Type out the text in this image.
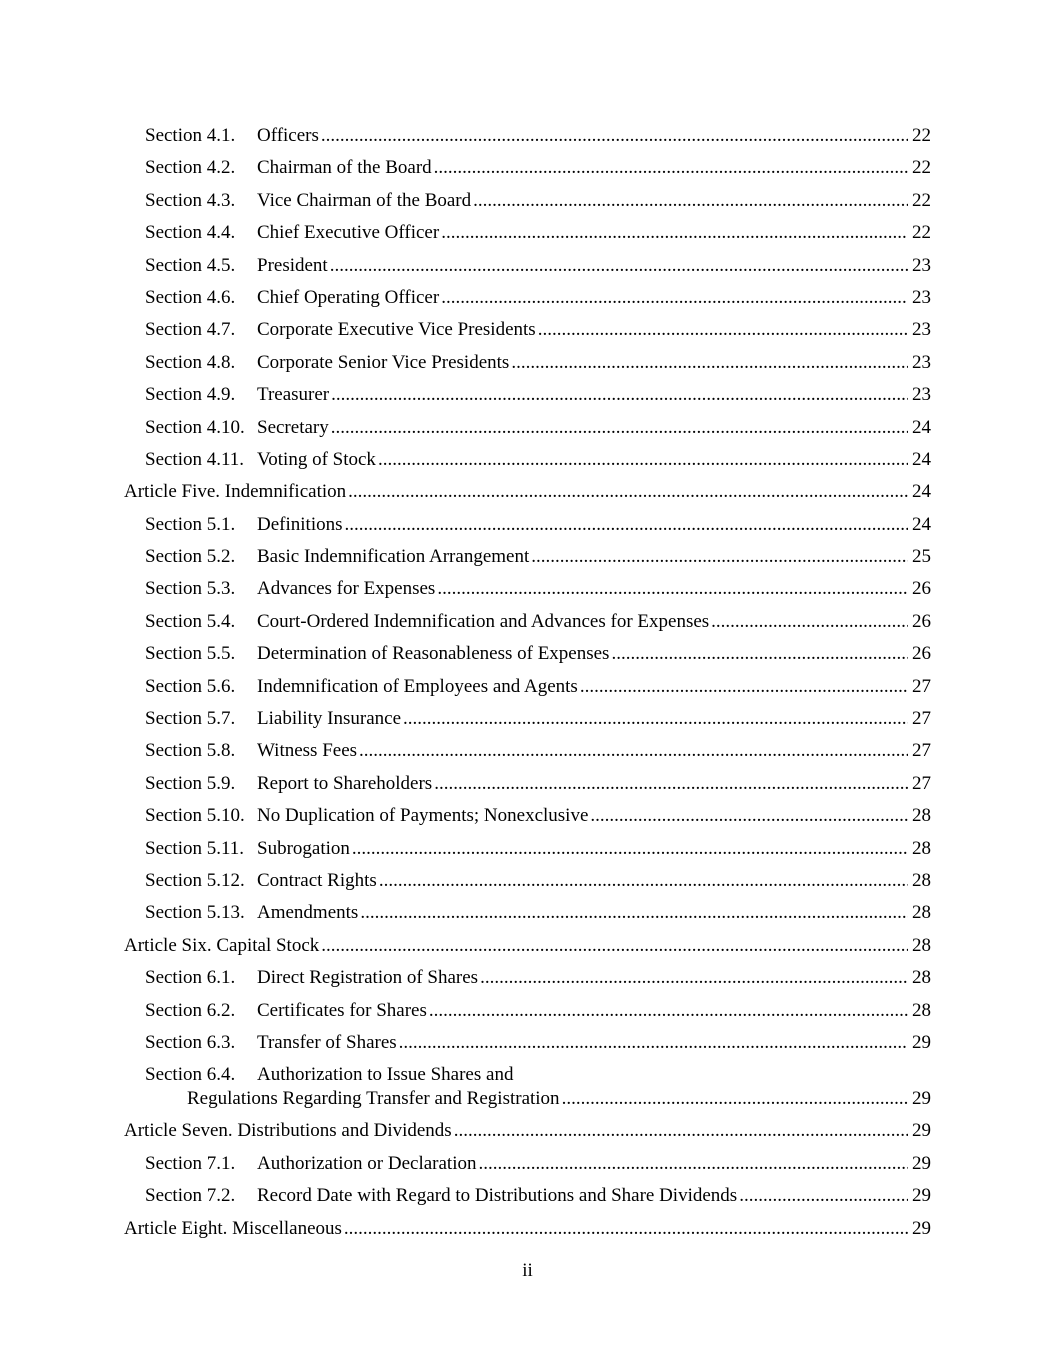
Section 4.1.	Officers .....	22
Section 4.2.	Chairman of the Board .....	22
Section 4.3.	Vice Chairman of the Board .....	22
Section 4.4.	Chief Executive Officer .....	22
Section 4.5.	President .....	23
Section 4.6.	Chief Operating Officer .....	23
Section 4.7.	Corporate Executive Vice Presidents .....	23
Section 4.8.	Corporate Senior Vice Presidents .....	23
Section 4.9.	Treasurer .....	23
Section 4.10. Secretary .....	24
Section 4.11. Voting of Stock .....	24
Article Five. Indemnification .....	24
Section 5.1.	Definitions .....	24
Section 5.2.	Basic Indemnification Arrangement .....	25
Section 5.3.	Advances for Expenses .....	26
Section 5.4.	Court-Ordered Indemnification and Advances for Expenses .....	26
Section 5.5.	Determination of Reasonableness of Expenses .....	26
Section 5.6.	Indemnification of Employees and Agents .....	27
Section 5.7.	Liability Insurance .....	27
Section 5.8.	Witness Fees .....	27
Section 5.9.	Report to Shareholders .....	27
Section 5.10. No Duplication of Payments; Nonexclusive .....	28
Section 5.11. Subrogation .....	28
Section 5.12. Contract Rights .....	28
Section 5.13. Amendments .....	28
Article Six. Capital Stock .....	28
Section 6.1.	Direct Registration of Shares .....	28
Section 6.2.	Certificates for Shares .....	28
Section 6.3.	Transfer of Shares .....	29
Section 6.4. Authorization to Issue Shares and
Regulations Regarding Transfer and Registration .....	29
Article Seven. Distributions and Dividends .....	29
Section 7.1.	Authorization or Declaration .....	29
Section 7.2.	Record Date with Regard to Distributions and Share Dividends .....	29
Article Eight. Miscellaneous .....	29
ii
